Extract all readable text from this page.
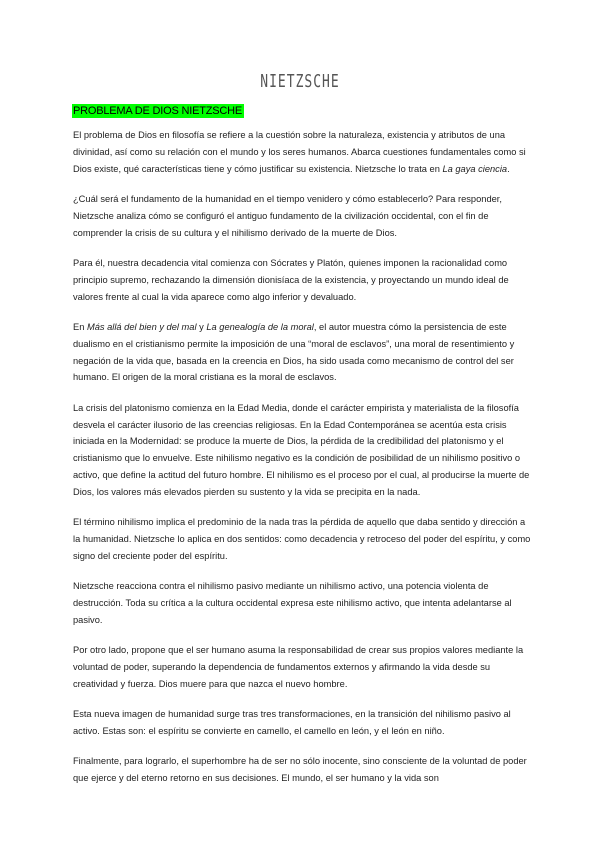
NIETZSCHE
PROBLEMA DE DIOS NIETZSCHE

El problema de Dios en filosofía se refiere a la cuestión sobre la naturaleza, existencia y atributos de una divinidad, así como su relación con el mundo y los seres humanos. Abarca cuestiones fundamentales como si Dios existe, qué características tiene y cómo justificar su existencia. Nietzsche lo trata en La gaya ciencia.

¿Cuál será el fundamento de la humanidad en el tiempo venidero y cómo establecerlo? Para responder, Nietzsche analiza cómo se configuró el antiguo fundamento de la civilización occidental, con el fin de comprender la crisis de su cultura y el nihilismo derivado de la muerte de Dios.

Para él, nuestra decadencia vital comienza con Sócrates y Platón, quienes imponen la racionalidad como principio supremo, rechazando la dimensión dionisíaca de la existencia, y proyectando un mundo ideal de valores frente al cual la vida aparece como algo inferior y devaluado.

En Más allá del bien y del mal y La genealogía de la moral, el autor muestra cómo la persistencia de este dualismo en el cristianismo permite la imposición de una “moral de esclavos”, una moral de resentimiento y negación de la vida que, basada en la creencia en Dios, ha sido usada como mecanismo de control del ser humano. El origen de la moral cristiana es la moral de esclavos.

La crisis del platonismo comienza en la Edad Media, donde el carácter empirista y materialista de la filosofía desvela el carácter ilusorio de las creencias religiosas. En la Edad Contemporánea se acentúa esta crisis iniciada en la Modernidad: se produce la muerte de Dios, la pérdida de la credibilidad del platonismo y el cristianismo que lo envuelve. Este nihilismo negativo es la condición de posibilidad de un nihilismo positivo o activo, que define la actitud del futuro hombre. El nihilismo es el proceso por el cual, al producirse la muerte de Dios, los valores más elevados pierden su sustento y la vida se precipita en la nada.

El término nihilismo implica el predominio de la nada tras la pérdida de aquello que daba sentido y dirección a la humanidad. Nietzsche lo aplica en dos sentidos: como decadencia y retroceso del poder del espíritu, y como signo del creciente poder del espíritu.

Nietzsche reacciona contra el nihilismo pasivo mediante un nihilismo activo, una potencia violenta de destrucción. Toda su crítica a la cultura occidental expresa este nihilismo activo, que intenta adelantarse al pasivo.

Por otro lado, propone que el ser humano asuma la responsabilidad de crear sus propios valores mediante la voluntad de poder, superando la dependencia de fundamentos externos y afirmando la vida desde su creatividad y fuerza. Dios muere para que nazca el nuevo hombre.

Esta nueva imagen de humanidad surge tras tres transformaciones, en la transición del nihilismo pasivo al activo. Estas son: el espíritu se convierte en camello, el camello en león, y el león en niño.

Finalmente, para lograrlo, el superhombre ha de ser no sólo inocente, sino consciente de la voluntad de poder que ejerce y del eterno retorno en sus decisiones. El mundo, el ser humano y la vida son
